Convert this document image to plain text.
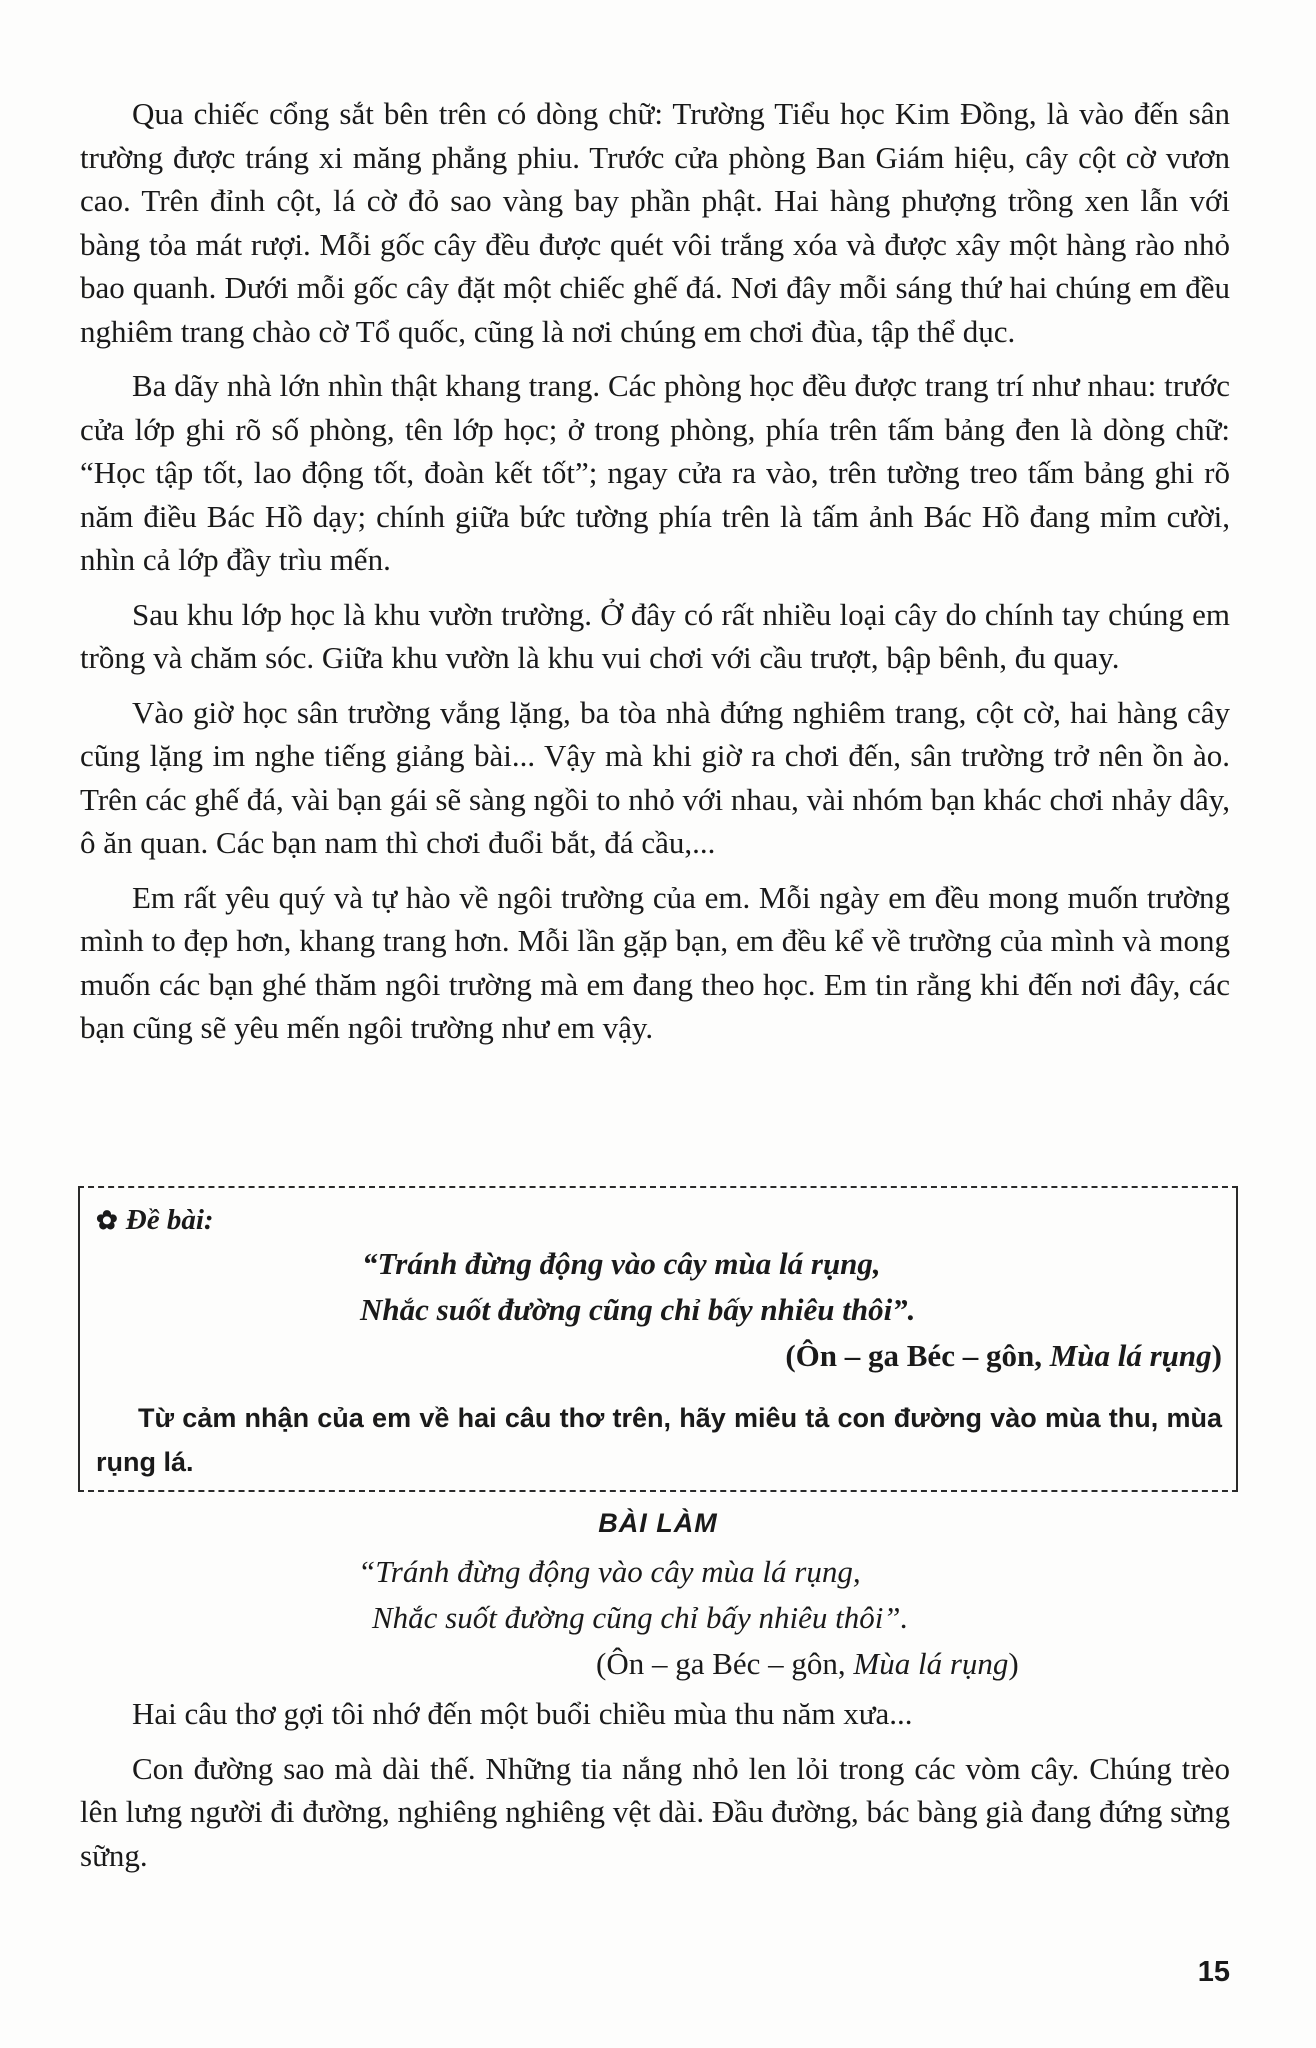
Qua chiếc cổng sắt bên trên có dòng chữ: Trường Tiểu học Kim Đồng, là vào đến sân trường được tráng xi măng phẳng phiu. Trước cửa phòng Ban Giám hiệu, cây cột cờ vươn cao. Trên đỉnh cột, lá cờ đỏ sao vàng bay phần phật. Hai hàng phượng trồng xen lẫn với bàng tỏa mát rượi. Mỗi gốc cây đều được quét vôi trắng xóa và được xây một hàng rào nhỏ bao quanh. Dưới mỗi gốc cây đặt một chiếc ghế đá. Nơi đây mỗi sáng thứ hai chúng em đều nghiêm trang chào cờ Tổ quốc, cũng là nơi chúng em chơi đùa, tập thể dục.

Ba dãy nhà lớn nhìn thật khang trang. Các phòng học đều được trang trí như nhau: trước cửa lớp ghi rõ số phòng, tên lớp học; ở trong phòng, phía trên tấm bảng đen là dòng chữ: “Học tập tốt, lao động tốt, đoàn kết tốt”; ngay cửa ra vào, trên tường treo tấm bảng ghi rõ năm điều Bác Hồ dạy; chính giữa bức tường phía trên là tấm ảnh Bác Hồ đang mỉm cười, nhìn cả lớp đầy trìu mến.

Sau khu lớp học là khu vườn trường. Ở đây có rất nhiều loại cây do chính tay chúng em trồng và chăm sóc. Giữa khu vườn là khu vui chơi với cầu trượt, bập bênh, đu quay.

Vào giờ học sân trường vắng lặng, ba tòa nhà đứng nghiêm trang, cột cờ, hai hàng cây cũng lặng im nghe tiếng giảng bài... Vậy mà khi giờ ra chơi đến, sân trường trở nên ồn ào. Trên các ghế đá, vài bạn gái sẽ sàng ngồi to nhỏ với nhau, vài nhóm bạn khác chơi nhảy dây, ô ăn quan. Các bạn nam thì chơi đuổi bắt, đá cầu,...

Em rất yêu quý và tự hào về ngôi trường của em. Mỗi ngày em đều mong muốn trường mình to đẹp hơn, khang trang hơn. Mỗi lần gặp bạn, em đều kể về trường của mình và mong muốn các bạn ghé thăm ngôi trường mà em đang theo học. Em tin rằng khi đến nơi đây, các bạn cũng sẽ yêu mến ngôi trường như em vậy.

✿ Đề bài:
“Tránh đừng động vào cây mùa lá rụng,
Nhắc suốt đường cũng chỉ bấy nhiêu thôi”.
(Ôn – ga Béc – gôn, Mùa lá rụng)
Từ cảm nhận của em về hai câu thơ trên, hãy miêu tả con đường vào mùa thu, mùa rụng lá.
BÀI LÀM
“Tránh đừng động vào cây mùa lá rụng,
Nhắc suốt đường cũng chỉ bấy nhiêu thôi”.
(Ôn – ga Béc – gôn, Mùa lá rụng)

Hai câu thơ gợi tôi nhớ đến một buổi chiều mùa thu năm xưa...

Con đường sao mà dài thế. Những tia nắng nhỏ len lỏi trong các vòm cây. Chúng trèo lên lưng người đi đường, nghiêng nghiêng vệt dài. Đầu đường, bác bàng già đang đứng sừng sững.

15
